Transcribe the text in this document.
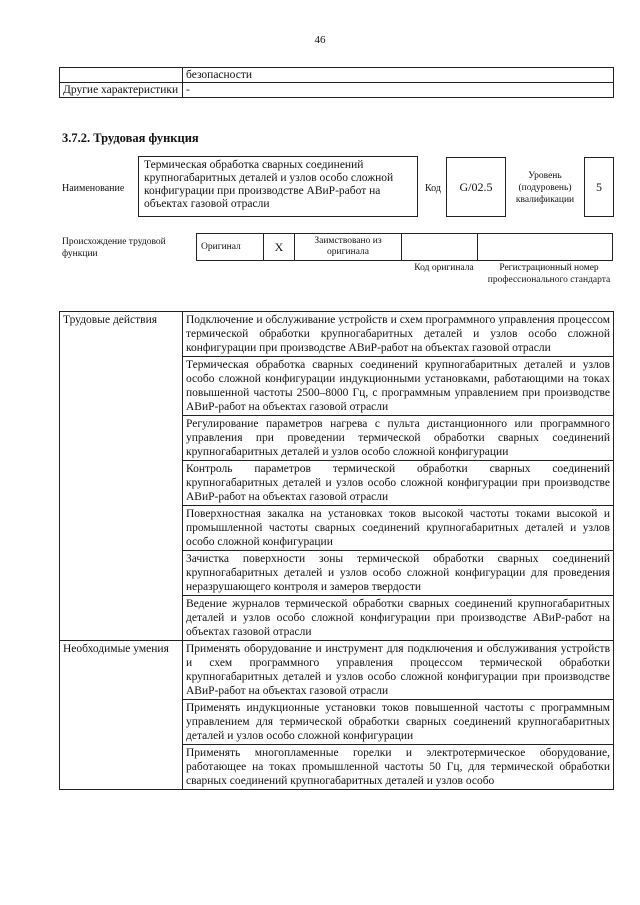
46
	безопасности
Другие характеристики	-
3.7.2. Трудовая функция
Наименование
Термическая обработка сварных соединений крупногабаритных деталей и узлов особо сложной конфигурации при производстве АВиР-работ на объектах газовой отрасли
Код	G/02.5
Уровень (подуровень) квалификации
5
Происхождение трудовой функции
Оригинал	X	Заимствовано из оригинала		
Код оригинала	Регистрационный номер профессионального стандарта
Трудовые действия	Подключение и обслуживание устройств и схем программного управления процессом термической обработки крупногабаритных деталей и узлов особо сложной конфигурации при производстве АВиР-работ на объектах газовой отрасли
	Термическая обработка сварных соединений крупногабаритных деталей и узлов особо сложной конфигурации индукционными установками, работающими на токах повышенной частоты 2500–8000 Гц, с программным управлением при производстве АВиР-работ на объектах газовой отрасли
	Регулирование параметров нагрева с пульта дистанционного или программного управления при проведении термической обработки сварных соединений крупногабаритных деталей и узлов особо сложной конфигурации
	Контроль параметров термической обработки сварных соединений крупногабаритных деталей и узлов особо сложной конфигурации при производстве АВиР-работ на объектах газовой отрасли
	Поверхностная закалка на установках токов высокой частоты токами высокой и промышленной частоты сварных соединений крупногабаритных деталей и узлов особо сложной конфигурации
	Зачистка поверхности зоны термической обработки сварных соединений крупногабаритных деталей и узлов особо сложной конфигурации для проведения неразрушающего контроля и замеров твердости
	Ведение журналов термической обработки сварных соединений крупногабаритных деталей и узлов особо сложной конфигурации при производстве АВиР-работ на объектах газовой отрасли
Необходимые умения	Применять оборудование и инструмент для подключения и обслуживания устройств и схем программного управления процессом термической обработки крупногабаритных деталей и узлов особо сложной конфигурации при производстве АВиР-работ на объектах газовой отрасли
	Применять индукционные установки токов повышенной частоты с программным управлением для термической обработки сварных соединений крупногабаритных деталей и узлов особо сложной конфигурации
	Применять многопламенные горелки и электротермическое оборудование, работающее на токах промышленной частоты 50 Гц, для термической обработки сварных соединений крупногабаритных деталей и узлов особо
